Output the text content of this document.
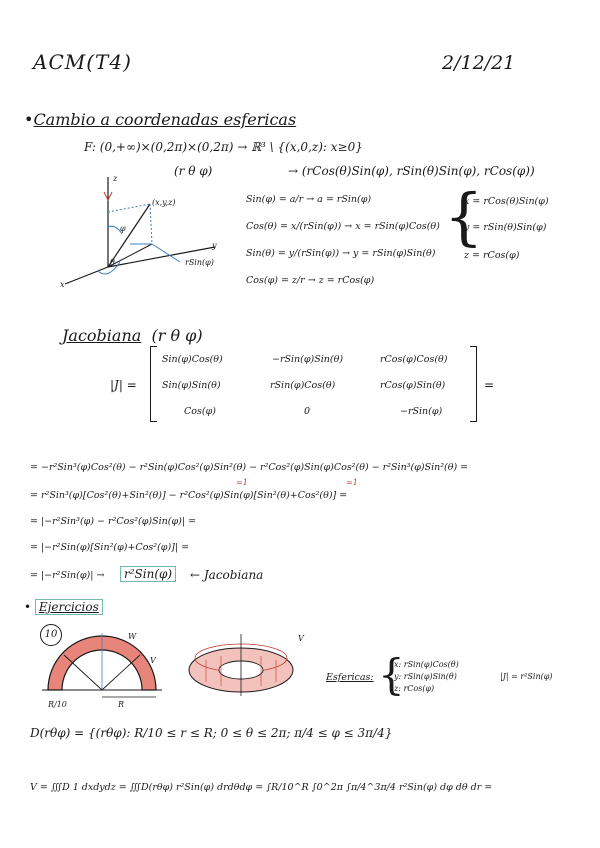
ACM(T4)	2/12/21
•Cambio a coordenadas esfericas
F: (0,+∞)×(0,2π)×(0,2π) → ℝ³ \ {(x,0,z): x≥0}
(r θ φ)	→ (rCos(θ)Sin(φ), rSin(θ)Sin(φ), rCos(φ))
z
y
x
(x,y,z)
φ
θ	rSin(φ)
Sin(φ) = a/r → a = rSin(φ)
Cos(θ) = x/(rSin(φ)) → x = rSin(φ)Cos(θ)
Sin(θ) = y/(rSin(φ)) → y = rSin(φ)Sin(θ)
Cos(φ) = z/r → z = rCos(φ)
{
x = rCos(θ)Sin(φ)
y = rSin(θ)Sin(φ)
z = rCos(φ)
Jacobiana (r θ φ)
|J| =	=
Sin(φ)Cos(θ)	−rSin(φ)Sin(θ)	rCos(φ)Cos(θ)
Sin(φ)Sin(θ)	rSin(φ)Cos(θ)	rCos(φ)Sin(θ)
Cos(φ)	0	−rSin(φ)
= −r²Sin³(φ)Cos²(θ) − r²Sin(φ)Cos²(φ)Sin²(θ) − r²Cos²(φ)Sin(φ)Cos²(θ) − r²Sin³(φ)Sin²(θ) =
=1	=1
= r²Sin³(φ)[Cos²(θ)+Sin²(θ)] − r²Cos²(φ)Sin(φ)[Sin²(θ)+Cos²(θ)] =
= |−r²Sin³(φ) − r²Cos²(φ)Sin(φ)| =
= |−r²Sin(φ)[Sin²(φ)+Cos²(φ)]| =
= |−r²Sin(φ)| →	r²Sin(φ)	← Jacobiana
• Ejercicios
10	W
V
R
R/10
V
Esfericas: {
x: rSin(φ)Cos(θ)
y: rSin(φ)Sin(θ)
z: rCos(φ)
|J| = r²Sin(φ)
D(rθφ) = {(rθφ): R/10 ≤ r ≤ R; 0 ≤ θ ≤ 2π; π/4 ≤ φ ≤ 3π/4}
V = ∭D 1 dxdydz = ∭D(rθφ) r²Sin(φ) drdθdφ = ∫R/10^R ∫0^2π ∫π/4^3π/4 r²Sin(φ) dφ dθ dr =
